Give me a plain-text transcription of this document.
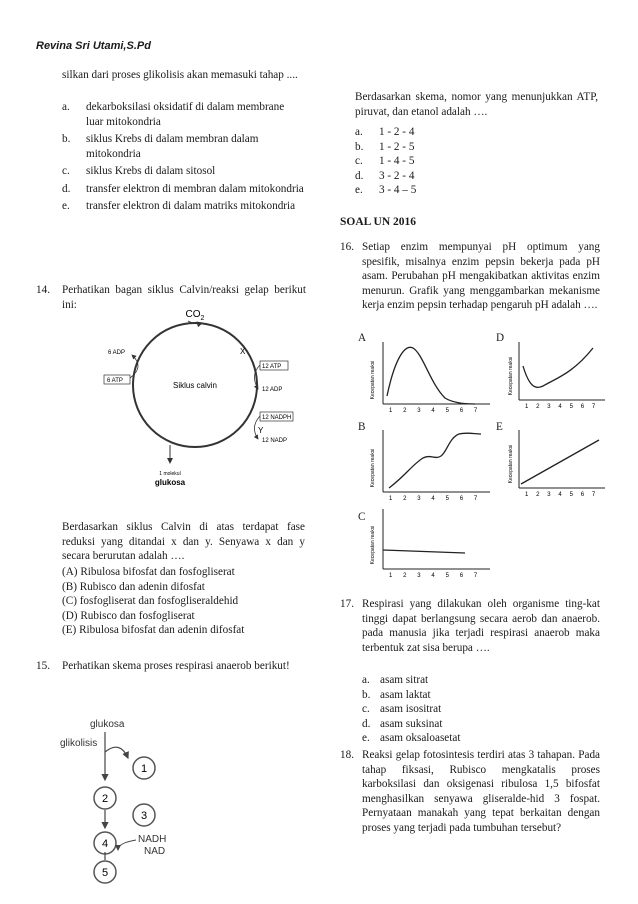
Revina Sri Utami,S.Pd
silkan dari proses glikolisis akan memasuki tahap ....
a.	dekarboksilasi oksidatif di dalam membrane luar mitokondria
b.	siklus Krebs di dalam membran dalam mitokondria
c.	siklus Krebs di dalam sitosol
d.	transfer elektron di membran dalam mitokondria
e.	transfer elektron di dalam matriks mitokondria
14.	Perhatikan bagan siklus Calvin/reaksi gelap berikut ini:
$CO_2$
Siklus calvin
X
Y
12 ATP
12 ADP
12 NADPH
12 NADP
6 ADP
6 ATP
1 molekul
glukosa
Berdasarkan siklus Calvin di atas terdapat fase reduksi yang ditandai x dan y. Senyawa x dan y secara berurutan adalah ….
(A) Ribulosa bifosfat dan fosfogliserat
(B) Rubisco dan adenin difosfat
(C) fosfogliserat dan fosfogliseraldehid
(D) Rubisco dan fosfogliserat
(E) Ribulosa bifosfat dan adenin difosfat
15.	Perhatikan skema proses respirasi anaerob berikut!
glukosa
glikolisis
2
1
3
4	NADH
NAD
5
Berdasarkan skema, nomor yang menunjukkan ATP, piruvat, dan etanol adalah ….
a.	1 - 2 - 4
b.	1 - 2 - 5
c.	1 - 4 - 5
d.	3 - 2 - 4
e.	3 - 4 – 5
SOAL UN 2016
16. Setiap enzim mempunyai pH optimum yang spesifik, misalnya enzim pepsin bekerja pada pH asam. Perubahan pH mengakibatkan aktivitas enzim menurun. Grafik yang menggambarkan mekanisme kerja enzim pepsin terhadap pengaruh pH adalah ….
A	D
B	E
C
Kecepatan reaksi
1 2 3 4 5 6 7
Kecepatan reaksi
1 2 3 4 5 6 7
Kecepatan reaksi
1 2 3 4 5 6 7
Kecepatan reaksi
1 2 3 4 5 6 7
Kecepatan reaksi
1 2 3 4 5 6 7
17. Respirasi yang dilakukan oleh organisme ting-kat tinggi dapat berlangsung secara aerob dan anaerob. pada manusia jika terjadi respirasi anaerob maka terbentuk zat sisa berupa ….
a. asam sitrat
b. asam laktat
c. asam isositrat
d. asam suksinat
e. asam oksaloasetat
18. Reaksi gelap fotosintesis terdiri atas 3 tahapan. Pada tahap fiksasi, Rubisco mengkatalis proses karboksilasi dan oksigenasi ribulosa 1,5 bifosfat menghasilkan senyawa gliseralde-hid 3 fospat. Pernyataan manakah yang tepat berkaitan dengan proses yang terjadi pada tumbuhan tersebut?
